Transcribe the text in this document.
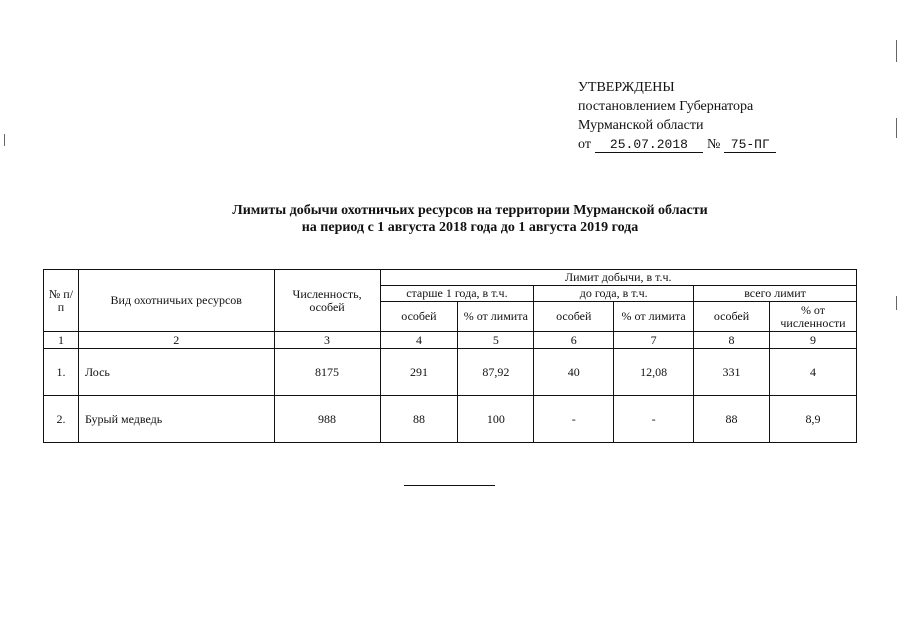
УТВЕРЖДЕНЫ
постановлением Губернатора
Мурманской области
от 25.07.2018 № 75-ПГ
Лимиты добычи охотничьих ресурсов на территории Мурманской области
на период с 1 августа 2018 года до 1 августа 2019 года
№ п/п	Вид охотничьих ресурсов	Численность, особей	Лимит добычи, в т.ч.					
			старше 1 года, в т.ч.		до года, в т.ч.		всего лимит	
			особей	% от лимита	особей	% от лимита	особей	% от численности
1	2	3	4	5	6	7	8	9
1.	Лось	8175	291	87,92	40	12,08	331	4
2.	Бурый медведь	988	88	100	-	-	88	8,9
